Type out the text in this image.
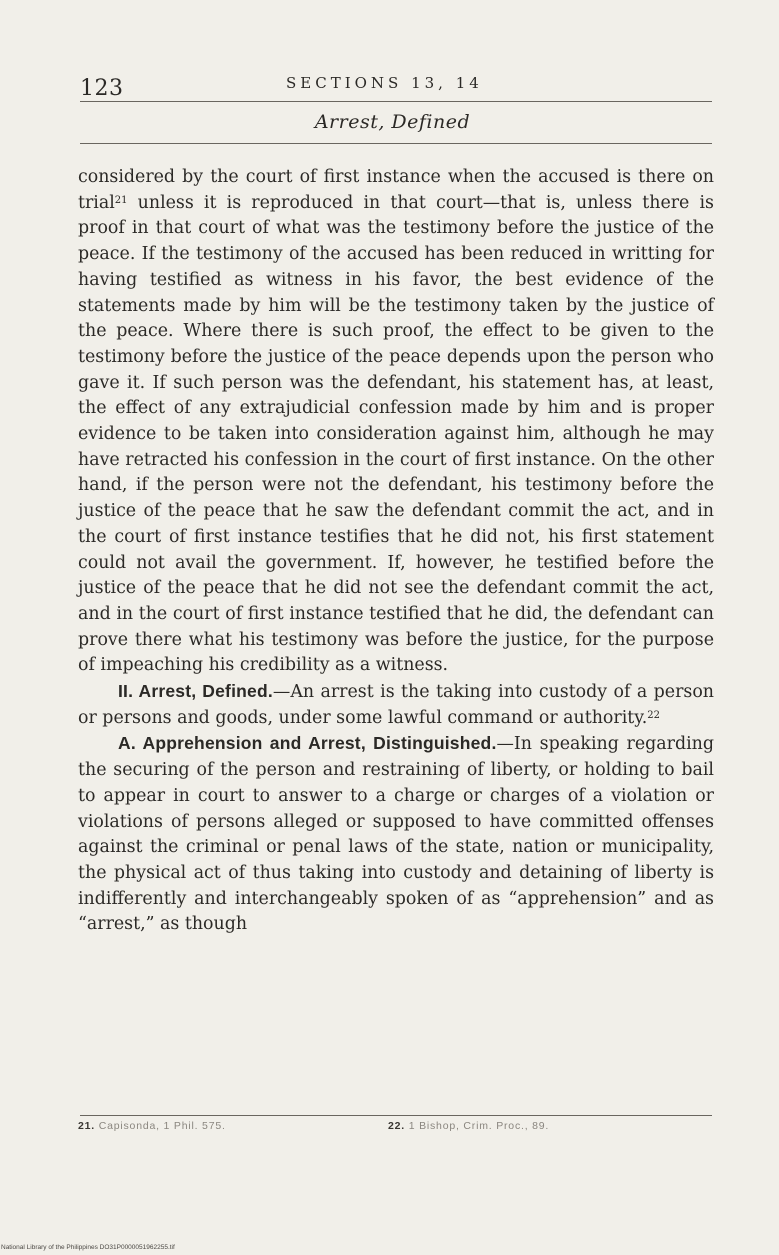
123	SECTIONS 13, 14
Arrest, Defined

considered by the court of first instance when the accused is there on trial$^{21}$ unless it is reproduced in that court—that is, unless there is proof in that court of what was the testimony before the justice of the peace. If the testimony of the accused has been reduced in writting for having testified as witness in his favor, the best evidence of the statements made by him will be the testimony taken by the justice of the peace. Where there is such proof, the effect to be given to the testimony before the justice of the peace depends upon the person who gave it. If such person was the defendant, his statement has, at least, the effect of any extrajudicial confession made by him and is proper evidence to be taken into consideration against him, although he may have retracted his confession in the court of first instance. On the other hand, if the person were not the defendant, his testimony before the justice of the peace that he saw the defendant commit the act, and in the court of first instance testifies that he did not, his first statement could not avail the government. If, however, he testified before the justice of the peace that he did not see the defendant commit the act, and in the court of first instance testified that he did, the defendant can prove there what his testimony was before the justice, for the purpose of impeaching his credibility as a witness.

II. Arrest, Defined.—An arrest is the taking into custody of a person or persons and goods, under some lawful command or authority.$^{22}$

A. Apprehension and Arrest, Distinguished.—In speaking regarding the securing of the person and restraining of liberty, or holding to bail to appear in court to answer to a charge or charges of a violation or violations of persons alleged or supposed to have committed offenses against the criminal or penal laws of the state, nation or municipality, the physical act of thus taking into custody and detaining of liberty is indifferently and interchangeably spoken of as “apprehension” and as “arrest,” as though

21. Capisonda, 1 Phil. 575.	22. 1 Bishop, Crim. Proc., 89.
National Library of the Philippines DO31P0000051962255.tif
